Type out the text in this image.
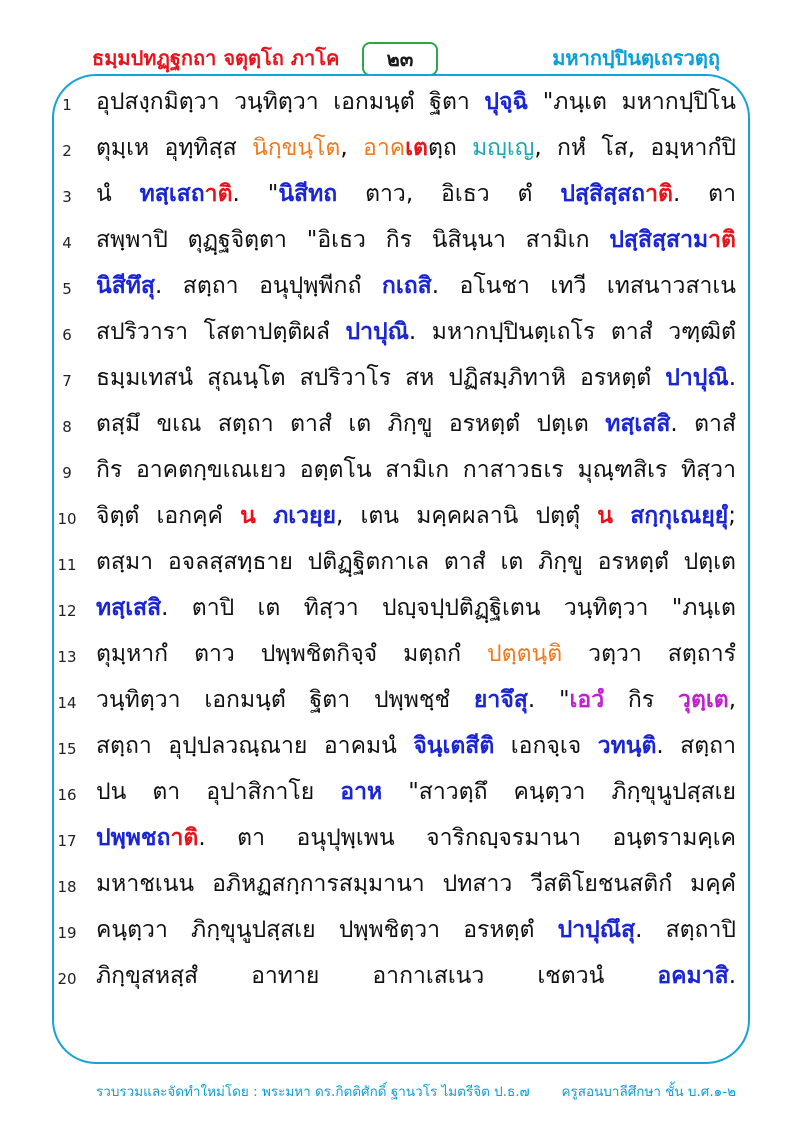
ธมฺมปทฏฺฐกถา จตุตฺโถ ภาโค	๒๓	มหากปฺปินตฺเถรวตฺถุ
1	อุปสงฺกมิตฺวา วนฺทิตฺวา เอกมนฺตํ ฐิตา ปุจฺฉิ "ภนฺเต มหากปฺปิโน
2	ตุมฺเห อุทฺทิสฺส นิกฺขนฺโต, อาคเตตฺถ มญฺเญ, กหํ โส, อมฺหากํปิ
3	นํ ทสฺเสถาติ. "นิสีทถ ตาว, อิเธว ตํ ปสฺสิสฺสถาติ. ตา
4	สพฺพาปิ ตุฏฺฐจิตฺตา "อิเธว กิร นิสินฺนา สามิเก ปสฺสิสฺสามาติ
5	นิสีทึสุ. สตฺถา อนุปุพฺพีกถํ กเถสิ. อโนชา เทวี เทสนาวสาเน
6	สปริวารา โสตาปตฺติผลํ ปาปุณิ. มหากปฺปินตฺเถโร ตาสํ วฑฺฒิตํ
7	ธมฺมเทสนํ สุณนฺโต สปริวาโร สห ปฏิสมฺภิทาหิ อรหตฺตํ ปาปุณิ.
8	ตสฺมึ ขเณ สตฺถา ตาสํ เต ภิกฺขู อรหตฺตํ ปตฺเต ทสฺเสสิ. ตาสํ
9	กิร อาคตกฺขเณเยว อตฺตโน สามิเก กาสาวธเร มุณฺฑสิเร ทิสฺวา
10 จิตฺตํ เอกคฺคํ น ภเวยฺย, เตน มคฺคผลานิ ปตฺตุํ น สกฺกุเณยฺยุํ;
11 ตสฺมา อจลสฺสทฺธาย ปติฏฺฐิตกาเล ตาสํ เต ภิกฺขู อรหตฺตํ ปตฺเต
12 ทสฺเสสิ. ตาปิ เต ทิสฺวา ปญฺจปฺปติฏฺฐิเตน วนฺทิตฺวา "ภนฺเต
13 ตุมฺหากํ ตาว ปพฺพชิตกิจฺจํ มตฺถกํ ปตฺตนฺติ วตฺวา สตฺถารํ
14 วนฺทิตฺวา เอกมนฺตํ ฐิตา ปพฺพชฺชํ ยาจึสุ. "เอวํ กิร วุตฺเต,
15 สตฺถา อุปฺปลวณฺณาย อาคมนํ จินฺเตสีติ เอกจฺเจ วทนฺติ. สตฺถา
16 ปน ตา อุปาสิกาโย อาห "สาวตฺถึ คนฺตฺวา ภิกฺขุนูปสฺสเย
17 ปพฺพชถาติ. ตา อนุปุพฺเพน จาริกญฺจรมานา อนฺตรามคฺเค
18 มหาชเนน อภิหฏสกฺการสมฺมานา ปทสาว วีสติโยชนสติกํ มคฺคํ
19 คนฺตฺวา ภิกฺขุนูปสฺสเย ปพฺพชิตฺวา อรหตฺตํ ปาปุณึสุ. สตฺถาปิ
20 ภิกฺขุสหสฺสํ อาทาย อากาเสเนว เชตวนํ อคมาสิ.
รวบรวมและจัดทำใหม่โดย : พระมหา ดร.กิตติศักดิ์ ฐานวโร ไมตรีจิต ป.ธ.๗ ครูสอนบาลีศึกษา ชั้น บ.ศ.๑-๒
